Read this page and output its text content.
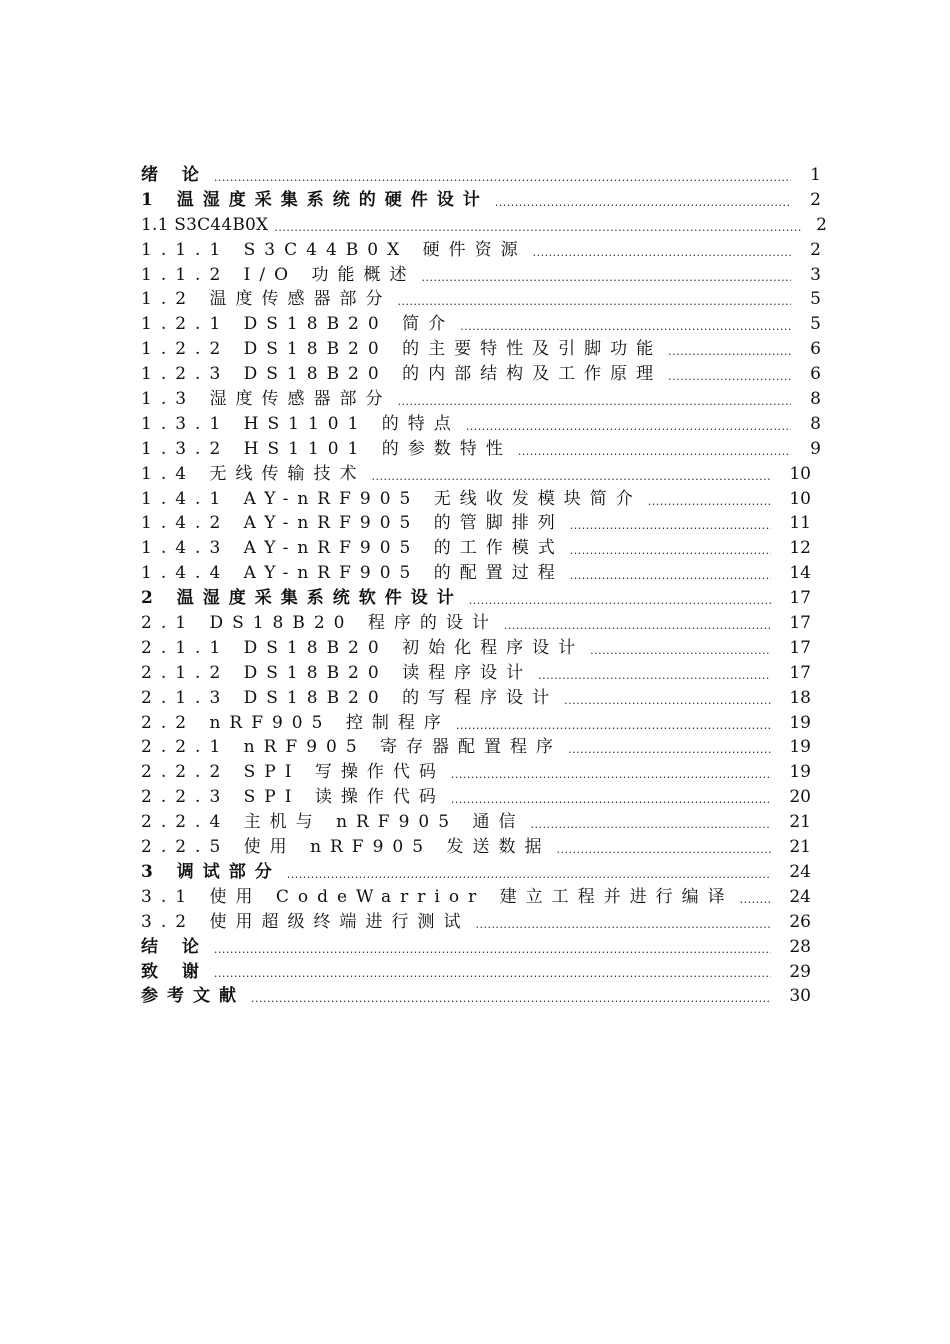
绪 论 .....	1
1 温湿度采集系统的硬件设计 .....	2
1.1 S3C44B0X .....	2
1.1.1 S3C44B0X 硬件资源 .....	2
1.1.2 I/O 功能概述 .....	3
1.2 温度传感器部分 .....	5
1.2.1 DS18B20 简介 .....	5
1.2.2 DS18B20 的主要特性及引脚功能 .....	6
1.2.3 DS18B20 的内部结构及工作原理 .....	6
1.3 湿度传感器部分 .....	8
1.3.1 HS1101 的特点 .....	8
1.3.2 HS1101 的参数特性 .....	9
1.4 无线传输技术 .....	10
1.4.1 AY-nRF905 无线收发模块简介 .....	10
1.4.2 AY-nRF905 的管脚排列 .....	11
1.4.3 AY-nRF905 的工作模式 .....	12
1.4.4 AY-nRF905 的配置过程 .....	14
2 温湿度采集系统软件设计 .....	17
2.1 DS18B20 程序的设计 .....	17
2.1.1 DS18B20 初始化程序设计 .....	17
2.1.2 DS18B20 读程序设计 .....	17
2.1.3 DS18B20 的写程序设计 .....	18
2.2 nRF905 控制程序 .....	19
2.2.1 nRF905 寄存器配置程序 .....	19
2.2.2 SPI 写操作代码 .....	19
2.2.3 SPI 读操作代码 .....	20
2.2.4 主机与 nRF905 通信 .....	21
2.2.5 使用 nRF905 发送数据 .....	21
3 调试部分 .....	24
3.1 使用 CodeWarrior 建立工程并进行编译 .....	24
3.2 使用超级终端进行测试 .....	26
结 论 .....	28
致 谢 .....	29
参考文献 .....	30
